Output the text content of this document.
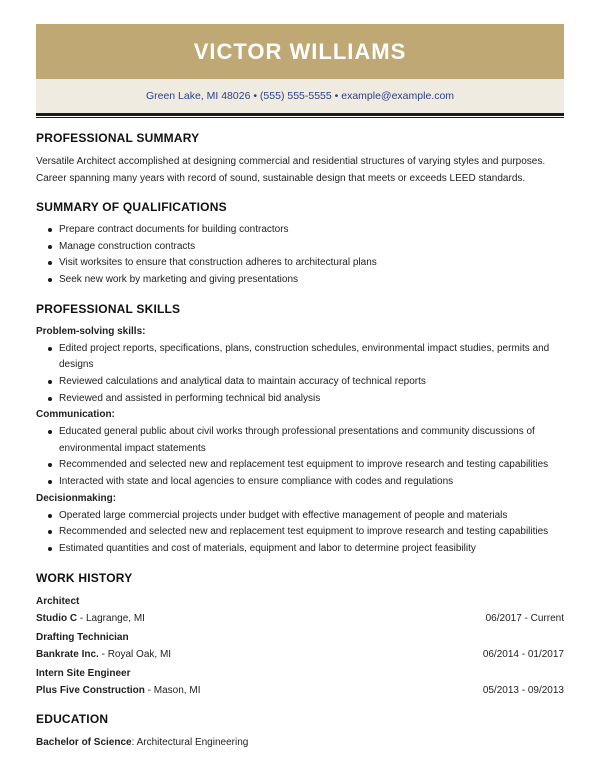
VICTOR WILLIAMS
Green Lake, MI 48026 • (555) 555-5555 • example@example.com
PROFESSIONAL SUMMARY

Versatile Architect accomplished at designing commercial and residential structures of varying styles and purposes. Career spanning many years with record of sound, sustainable design that meets or exceeds LEED standards.

SUMMARY OF QUALIFICATIONS
Prepare contract documents for building contractors
Manage construction contracts
Visit worksites to ensure that construction adheres to architectural plans
Seek new work by marketing and giving presentations
PROFESSIONAL SKILLS
Problem-solving skills:
Edited project reports, specifications, plans, construction schedules, environmental impact studies, permits and designs
Reviewed calculations and analytical data to maintain accuracy of technical reports
Reviewed and assisted in performing technical bid analysis
Communication:
Educated general public about civil works through professional presentations and community discussions of environmental impact statements
Recommended and selected new and replacement test equipment to improve research and testing capabilities
Interacted with state and local agencies to ensure compliance with codes and regulations
Decisionmaking:
Operated large commercial projects under budget with effective management of people and materials
Recommended and selected new and replacement test equipment to improve research and testing capabilities
Estimated quantities and cost of materials, equipment and labor to determine project feasibility
WORK HISTORY
Architect
Studio C - Lagrange, MI	06/2017 - Current
Drafting Technician
Bankrate Inc. - Royal Oak, MI	06/2014 - 01/2017
Intern Site Engineer
Plus Five Construction - Mason, MI	05/2013 - 09/2013
EDUCATION
Bachelor of Science: Architectural Engineering
